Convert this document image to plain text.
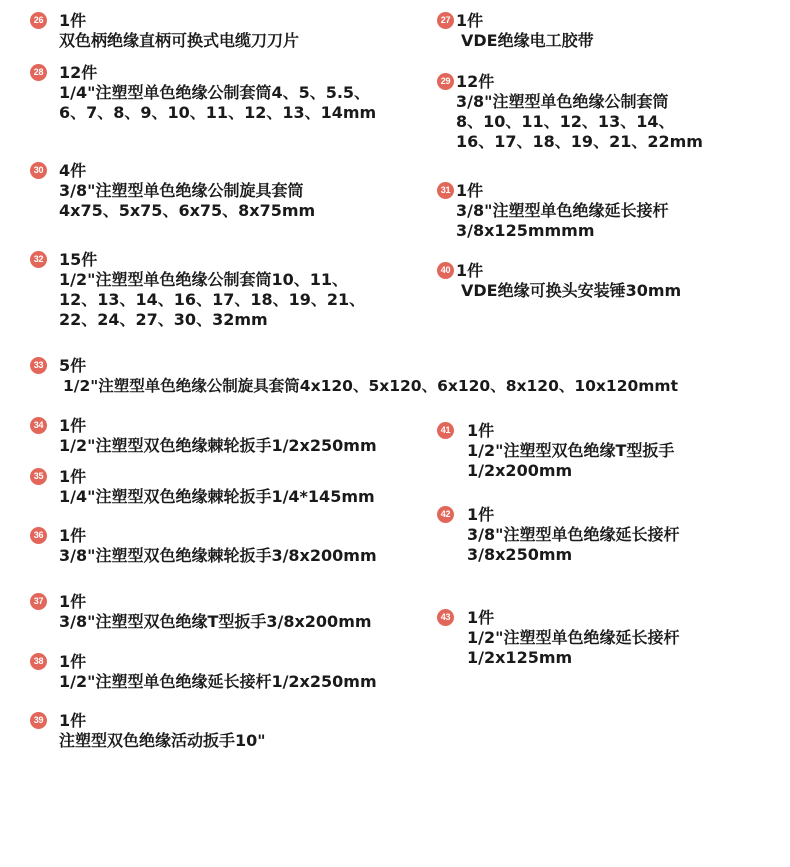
26 1件
双色柄绝缘直柄可换式电缆刀刀片
27 1件
VDE绝缘电工胶带
28 12件
1/4"注塑型单色绝缘公制套筒4、5、5.5、
6、7、8、9、10、11、12、13、14mm
29 12件
3/8"注塑型单色绝缘公制套筒
8、10、11、12、13、14、
16、17、18、19、21、22mm
30 4件
3/8"注塑型单色绝缘公制旋具套筒
4x75、5x75、6x75、8x75mm
31 1件
3/8"注塑型单色绝缘延长接杆
3/8x125mmmm
32 15件
1/2"注塑型单色绝缘公制套筒10、11、
12、13、14、16、17、18、19、21、
22、24、27、30、32mm
40 1件
VDE绝缘可换头安装锤30mm
33 5件
1/2"注塑型单色绝缘公制旋具套筒4x120、5x120、6x120、8x120、10x120mmt
34 1件
1/2"注塑型双色绝缘棘轮扳手1/2x250mm
41 1件
1/2"注塑型双色绝缘T型扳手
1/2x200mm
35 1件
1/4"注塑型双色绝缘棘轮扳手1/4*145mm
42 1件
3/8"注塑型单色绝缘延长接杆
3/8x250mm
36 1件
3/8"注塑型双色绝缘棘轮扳手3/8x200mm
37 1件
3/8"注塑型双色绝缘T型扳手3/8x200mm	43 1件
1/2"注塑型单色绝缘延长接杆
1/2x125mm
38 1件
1/2"注塑型单色绝缘延长接杆1/2x250mm
39 1件
注塑型双色绝缘活动扳手10"
